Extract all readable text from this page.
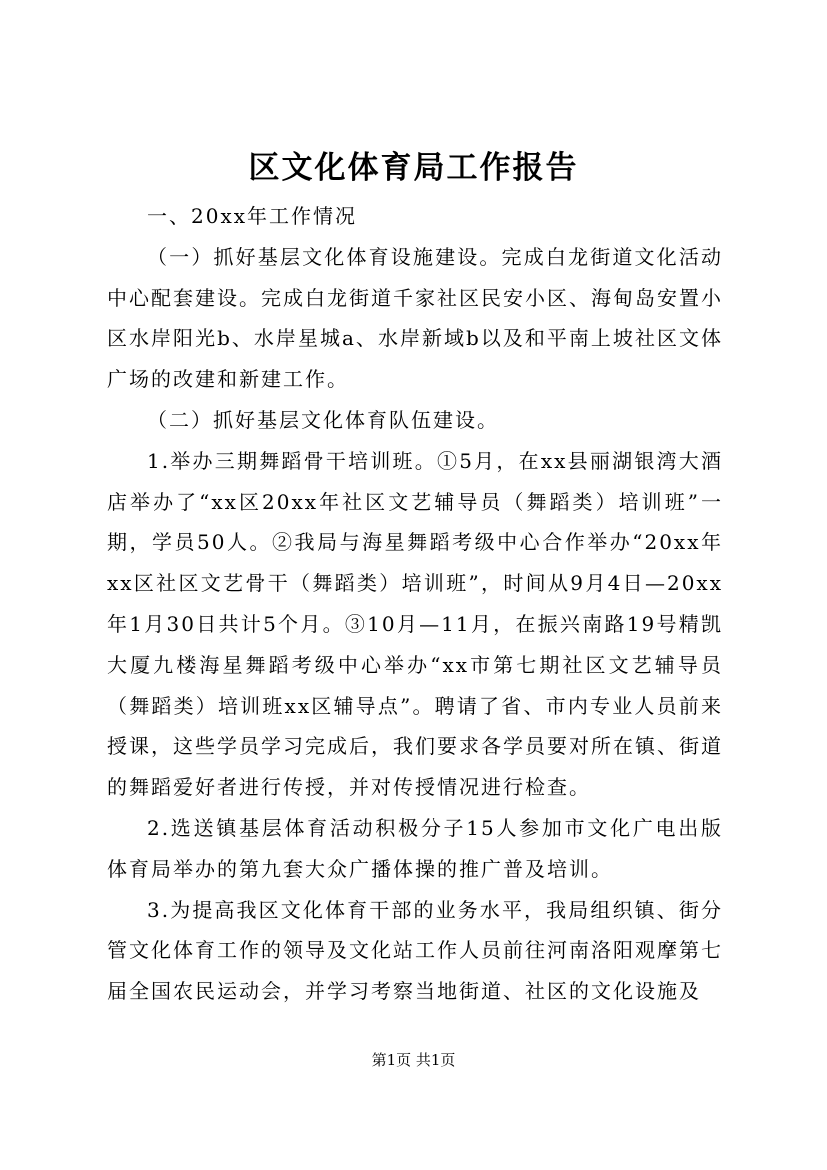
区文化体育局工作报告

一、20xx年工作情况

（一）抓好基层文化体育设施建设。完成白龙街道文化活动中心配套建设。完成白龙街道千家社区民安小区、海甸岛安置小区水岸阳光b、水岸星城a、水岸新域b以及和平南上坡社区文体广场的改建和新建工作。

（二）抓好基层文化体育队伍建设。

1.举办三期舞蹈骨干培训班。①5月，在xx县丽湖银湾大酒店举办了“xx区20xx年社区文艺辅导员（舞蹈类）培训班”一期，学员50人。②我局与海星舞蹈考级中心合作举办“20xx年xx区社区文艺骨干（舞蹈类）培训班”，时间从9月4日—20xx年1月30日共计5个月。③10月—11月，在振兴南路19号精凯大厦九楼海星舞蹈考级中心举办“xx市第七期社区文艺辅导员（舞蹈类）培训班xx区辅导点”。聘请了省、市内专业人员前来授课，这些学员学习完成后，我们要求各学员要对所在镇、街道的舞蹈爱好者进行传授，并对传授情况进行检查。

2.选送镇基层体育活动积极分子15人参加市文化广电出版体育局举办的第九套大众广播体操的推广普及培训。

3.为提高我区文化体育干部的业务水平，我局组织镇、街分管文化体育工作的领导及文化站工作人员前往河南洛阳观摩第七届全国农民运动会，并学习考察当地街道、社区的文化设施及

第1页 共1页
